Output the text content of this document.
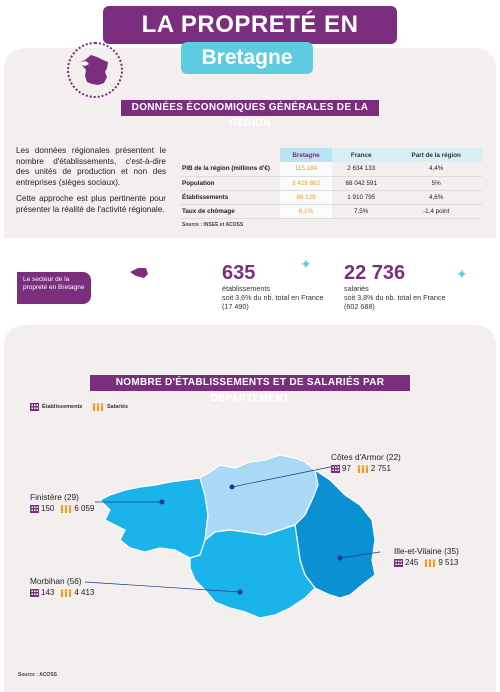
LA PROPRETÉ EN
Bretagne
DONNÉES ÉCONOMIQUES GÉNÉRALES DE LA RÉGION

Les données régionales présentent le nombre d'établissements, c'est-à-dire des unités de production et non des entreprises (sièges sociaux).

Cette approche est plus pertinente pour présenter la réalité de l'activité régionale.

	Bretagne	France	Part de la région
PIB de la région (millions d'€)	115 184	2 634 133	4,4%
Population	3 429 882	68 042 591	5%
Établissements	88 129	1 910 795	4,6%
Taux de chômage	6,1%	7,5%	-1,4 point
Source : INSEE et ACOSS
Le secteur de la propreté en Bretagne
635
établissements
soit 3,6% du nb. total en France (17 490)
22 736
salariés
soit 3,8% du nb. total en France (602 688)
✦
✦
NOMBRE D'ÉTABLISSEMENTS ET DE SALARIÉS PAR DÉPARTEMENT
Établissements	Salariés
Côtes d'Armor (22)
97	2 751
Finistère (29)
150	6 059
Ille-et-Vilaine (35)
245	9 513
Morbihan (56)
143	4 413
Source : ACOSS
